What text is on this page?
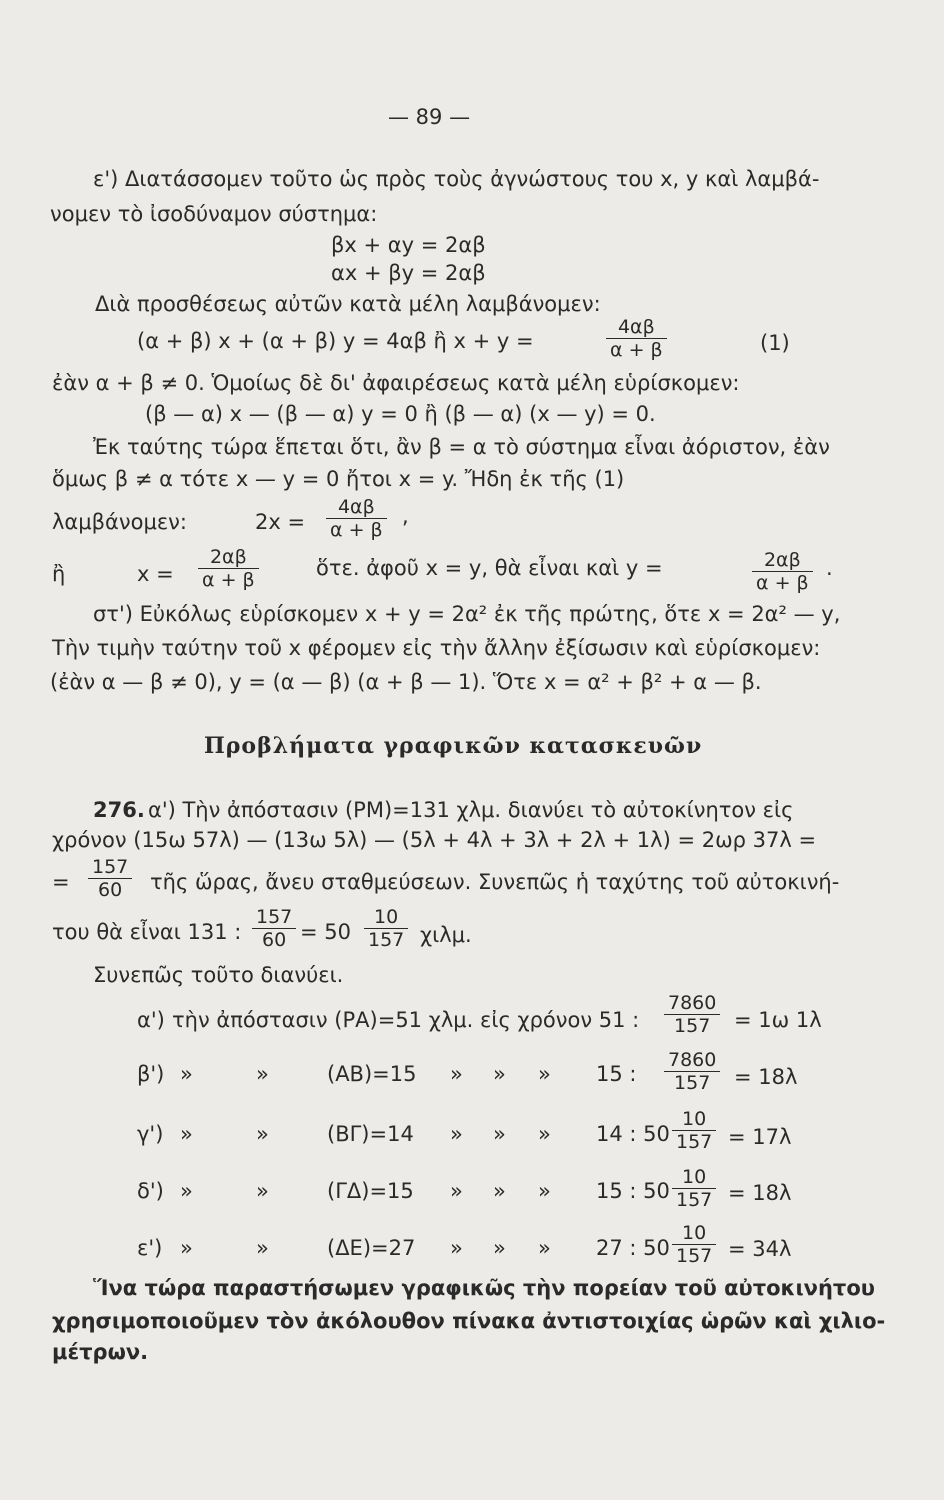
— 89 —
ε') Διατάσσομεν τοῦτο ὡς πρὸς τοὺς ἀγνώστους του x, y καὶ λαμβά-
νομεν τὸ ἰσοδύναμον σύστημα:
βx + αy = 2αβ
αx + βy = 2αβ
Διὰ προσθέσεως αὐτῶν κατὰ μέλη λαμβάνομεν:
(α + β) x + (α + β) y = 4αβ ἢ x + y =	$\frac{4\alpha\beta}{\alpha + \beta}$	(1)
ἐὰν α + β ≠ 0. Ὁμοίως δὲ δι' ἀφαιρέσεως κατὰ μέλη εὑρίσκομεν:
(β — α) x — (β — α) y = 0 ἢ (β — α) (x — y) = 0.
Ἐκ ταύτης τώρα ἕπεται ὅτι, ἂν β = α τὸ σύστημα εἶναι ἀόριστον, ἐὰν
ὅμως β ≠ α τότε x — y = 0 ἤτοι x = y. Ἤδη ἐκ τῆς (1)
λαμβάνομεν:	$2x = \frac{4\alpha\beta}{\alpha + \beta}$ ,
ἢ	$x = \frac{2\alpha\beta}{\alpha + \beta}$	ὅτε. ἀφοῦ x = y, θὰ εἶναι καὶ y =	$\frac{2\alpha\beta}{\alpha + \beta}$ .
στ') Εὐκόλως εὑρίσκομεν x + y = 2α² ἐκ τῆς πρώτης, ὅτε x = 2α² — y,
Τὴν τιμὴν ταύτην τοῦ x φέρομεν εἰς τὴν ἄλλην ἐξίσωσιν καὶ εὑρίσκομεν:
(ἐὰν α — β ≠ 0), y = (α — β) (α + β — 1). Ὅτε x = α² + β² + α — β.
Προβλήματα γραφικῶν κατασκευῶν
276. α') Τὴν ἀπόστασιν (ΡΜ)=131 χλμ. διανύει τὸ αὐτοκίνητον εἰς
χρόνον (15ω 57λ) — (13ω 5λ) — (5λ + 4λ + 3λ + 2λ + 1λ) = 2ωρ 37λ =
= $\frac{157}{60}$ τῆς ὥρας, ἄνευ σταθμεύσεων. Συνεπῶς ἡ ταχύτης τοῦ αὐτοκινή-
του θὰ εἶναι 131 : $\frac{157}{60} = 50 \frac{10}{157} \chi\iota\lambda\mu$.
Συνεπῶς τοῦτο διανύει.
α') τὴν ἀπόστασιν (ΡΑ)=51 χλμ. εἰς χρόνον 51 : $\frac{7860}{157} = 1\omega$ 1λ
β') »	»	(ΑΒ)=15 » » » 15 : $\frac{7860}{157} = 18\lambda$
γ') »	»	(ΒΓ)=14 » » » 14 : $50 \frac{10}{157} = 17\lambda$
δ') »	»	(ΓΔ)=15 » » » 15 : $50 \frac{10}{157} = 18\lambda$
ε') »	»	(ΔΕ)=27 » » » 27 : $50 \frac{10}{157} = 34\lambda$
Ἵνα τώρα παραστήσωμεν γραφικῶς τὴν πορείαν τοῦ αὐτοκινήτου
χρησιμοποιοῦμεν τὸν ἀκόλουθον πίνακα ἀντιστοιχίας ὡρῶν καὶ χιλιο-
μέτρων.
